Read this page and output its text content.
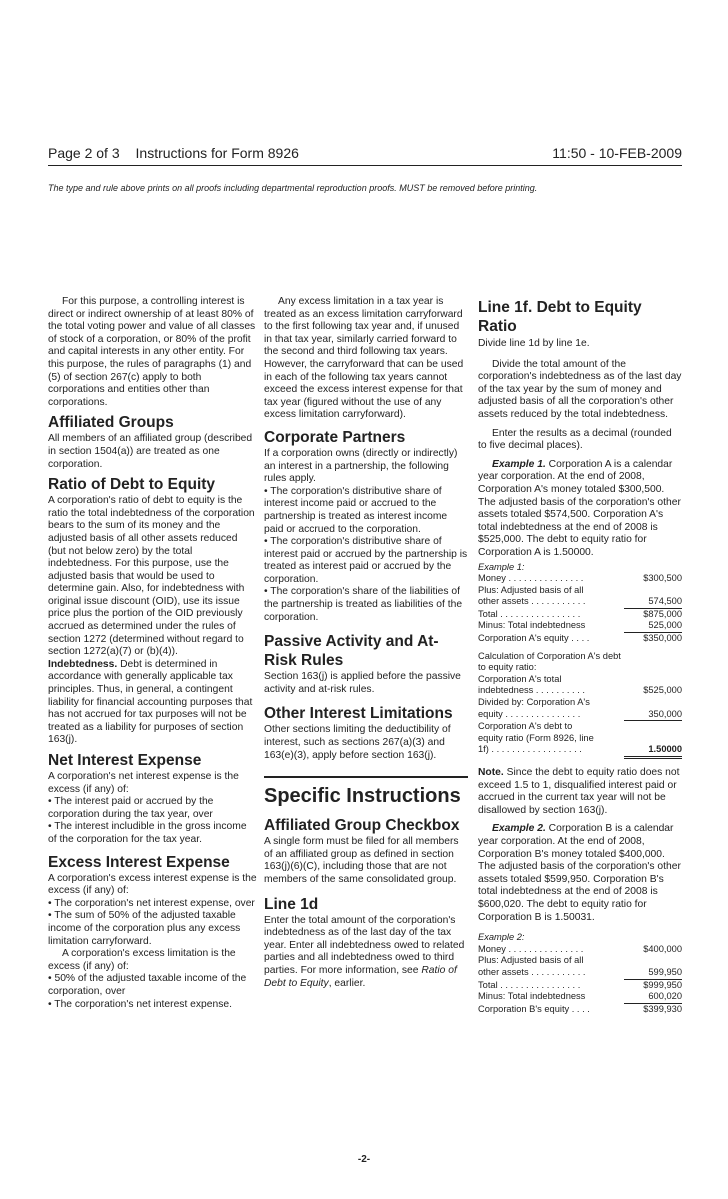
Page 2 of 3 Instructions for Form 8926	11:50 - 10-FEB-2009
The type and rule above prints on all proofs including departmental reproduction proofs. MUST be removed before printing.

For this purpose, a controlling interest is direct or indirect ownership of at least 80% of the total voting power and value of all classes of stock of a corporation, or 80% of the profit and capital interests in any other entity. For this purpose, the rules of paragraphs (1) and (5) of section 267(c) apply to both corporations and entities other than corporations.

Affiliated Groups

All members of an affiliated group (described in section 1504(a)) are treated as one corporation.

Ratio of Debt to Equity

A corporation's ratio of debt to equity is the ratio the total indebtedness of the corporation bears to the sum of its money and the adjusted basis of all other assets reduced (but not below zero) by the total indebtedness. For this purpose, use the adjusted basis that would be used to determine gain. Also, for indebtedness with original issue discount (OID), use its issue price plus the portion of the OID previously accrued as determined under the rules of section 1272 (determined without regard to section 1272(a)(7) or (b)(4)).

Indebtedness. Debt is determined in accordance with generally applicable tax principles. Thus, in general, a contingent liability for financial accounting purposes that has not accrued for tax purposes will not be treated as a liability for purposes of section 163(j).

Net Interest Expense

A corporation's net interest expense is the excess (if any) of:

• The interest paid or accrued by the corporation during the tax year, over

• The interest includible in the gross income of the corporation for the tax year.

Excess Interest Expense

A corporation's excess interest expense is the excess (if any) of:

• The corporation's net interest expense, over

• The sum of 50% of the adjusted taxable income of the corporation plus any excess limitation carryforward.

A corporation's excess limitation is the excess (if any) of:

• 50% of the adjusted taxable income of the corporation, over

• The corporation's net interest expense.

Any excess limitation in a tax year is treated as an excess limitation carryforward to the first following tax year and, if unused in that tax year, similarly carried forward to the second and third following tax years. However, the carryforward that can be used in each of the following tax years cannot exceed the excess interest expense for that tax year (figured without the use of any excess limitation carryforward).

Corporate Partners

If a corporation owns (directly or indirectly) an interest in a partnership, the following rules apply.

• The corporation's distributive share of interest income paid or accrued to the partnership is treated as interest income paid or accrued to the corporation.

• The corporation's distributive share of interest paid or accrued by the partnership is treated as interest paid or accrued by the corporation.

• The corporation's share of the liabilities of the partnership is treated as liabilities of the corporation.

Passive Activity and At-Risk Rules

Section 163(j) is applied before the passive activity and at-risk rules.

Other Interest Limitations

Other sections limiting the deductibility of interest, such as sections 267(a)(3) and 163(e)(3), apply before section 163(j).

Specific Instructions
Affiliated Group Checkbox

A single form must be filed for all members of an affiliated group as defined in section 163(j)(6)(C), including those that are not members of the same consolidated group.

Line 1d

Enter the total amount of the corporation's indebtedness as of the last day of the tax year. Enter all indebtedness owed to related parties and all indebtedness owed to third parties. For more information, see Ratio of Debt to Equity, earlier.

Line 1f. Debt to Equity Ratio

Divide line 1d by line 1e.

Divide the total amount of the corporation's indebtedness as of the last day of the tax year by the sum of money and adjusted basis of all the corporation's other assets reduced by the total indebtedness.

Enter the results as a decimal (rounded to five decimal places).

Example 1. Corporation A is a calendar year corporation. At the end of 2008, Corporation A's money totaled $300,500. The adjusted basis of the corporation's other assets totaled $574,500. Corporation A's total indebtedness at the end of 2008 is $525,000. The debt to equity ratio for Corporation A is 1.50000.

Example 1:
Money . . . . . . . . . . . . . . .	$300,500
Plus: Adjusted basis of all
other assets . . . . . . . . . . .	574,500
Total . . . . . . . . . . . . . . . .	$875,000
Minus: Total indebtedness	525,000
Corporation A's equity . . . .	$350,000
Calculation of Corporation A's debt to equity ratio:
Corporation A's total
indebtedness . . . . . . . . . .	$525,000
Divided by: Corporation A's
equity . . . . . . . . . . . . . . .	350,000
Corporation A's debt to
equity ratio (Form 8926, line
1f) . . . . . . . . . . . . . . . . . .	1.50000

Note. Since the debt to equity ratio does not exceed 1.5 to 1, disqualified interest paid or accrued in the current tax year will not be disallowed by section 163(j).

Example 2. Corporation B is a calendar year corporation. At the end of 2008, Corporation B's money totaled $400,000. The adjusted basis of the corporation's other assets totaled $599,950. Corporation B's total indebtedness at the end of 2008 is $600,020. The debt to equity ratio for Corporation B is 1.50031.

Example 2:
Money . . . . . . . . . . . . . . .	$400,000
Plus: Adjusted basis of all
other assets . . . . . . . . . . .	599,950
Total . . . . . . . . . . . . . . . .	$999,950
Minus: Total indebtedness	600,020
Corporation B's equity . . . .	$399,930
-2-
